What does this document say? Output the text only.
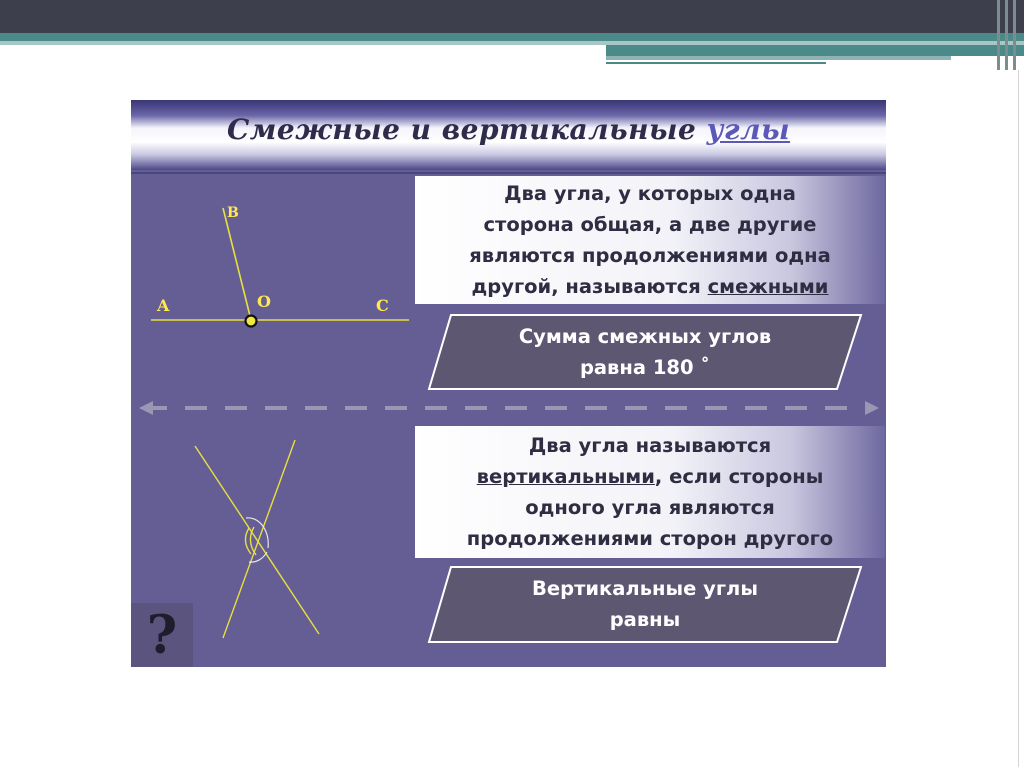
Смежные и вертикальные углы
A	O	C
B
Два угла, у которых одна
сторона общая, а две другие
являются продолжениями одна
другой, называются смежными
Сумма смежных углов
равна 180 ˚
Два угла называются
вертикальными, если стороны
одного угла являются
продолжениями сторон другого
Вертикальные углы
равны
?
